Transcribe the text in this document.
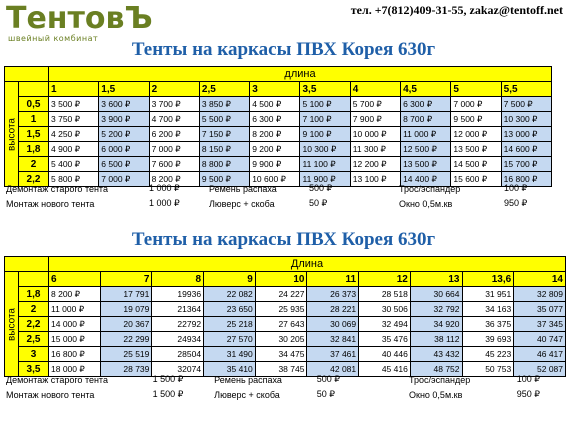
ТентовЪ
швейный комбинат
тел. +7(812)409-31-55, zakaz@tentoff.net
Тенты на каркасы ПВХ Корея 630г
		длина									
высота		1	1,5	2	2,5	3	3,5	4	4,5	5	5,5
	0,5	3 500 ₽	3 600 ₽	3 700 ₽	3 850 ₽	4 500 ₽	5 100 ₽	5 700 ₽	6 300 ₽	7 000 ₽	7 500 ₽
	1	3 750 ₽	3 900 ₽	4 700 ₽	5 500 ₽	6 300 ₽	7 100 ₽	7 900 ₽	8 700 ₽	9 500 ₽	10 300 ₽
	1,5	4 250 ₽	5 200 ₽	6 200 ₽	7 150 ₽	8 200 ₽	9 100 ₽	10 000 ₽	11 000 ₽	12 000 ₽	13 000 ₽
	1,8	4 900 ₽	6 000 ₽	7 000 ₽	8 150 ₽	9 200 ₽	10 300 ₽	11 300 ₽	12 500 ₽	13 500 ₽	14 600 ₽
	2	5 400 ₽	6 500 ₽	7 600 ₽	8 800 ₽	9 900 ₽	11 100 ₽	12 200 ₽	13 500 ₽	14 500 ₽	15 700 ₽
	2,2	5 800 ₽	7 000 ₽	8 200 ₽	9 500 ₽	10 600 ₽	11 900 ₽	13 100 ₽	14 400 ₽	15 600 ₽	16 800 ₽
Демонтаж старого тента	1 000 ₽	Ремень распаха	500 ₽	Трос/эспандер	100 ₽
Монтаж нового тента	1 000 ₽	Люверс + скоба	50 ₽	Окно 0,5м.кв	950 ₽
Тенты на каркасы ПВХ Корея 630г
		Длина									
высота		6	7	8	9	10	11	12	13	13,6	14
	1,8	8 200 ₽	17 791	19936	22 082	24 227	26 373	28 518	30 664	31 951	32 809
	2	11 000 ₽	19 079	21364	23 650	25 935	28 221	30 506	32 792	34 163	35 077
	2,2	14 000 ₽	20 367	22792	25 218	27 643	30 069	32 494	34 920	36 375	37 345
	2,5	15 000 ₽	22 299	24934	27 570	30 205	32 841	35 476	38 112	39 693	40 747
	3	16 800 ₽	25 519	28504	31 490	34 475	37 461	40 446	43 432	45 223	46 417
	3,5	18 000 ₽	28 739	32074	35 410	38 745	42 081	45 416	48 752	50 753	52 087
Демонтаж старого тента	1 500 ₽	Ремень распаха	500 ₽	Трос/эспандер	100 ₽
Монтаж нового тента	1 500 ₽	Люверс + скоба	50 ₽	Окно 0,5м.кв	950 ₽
